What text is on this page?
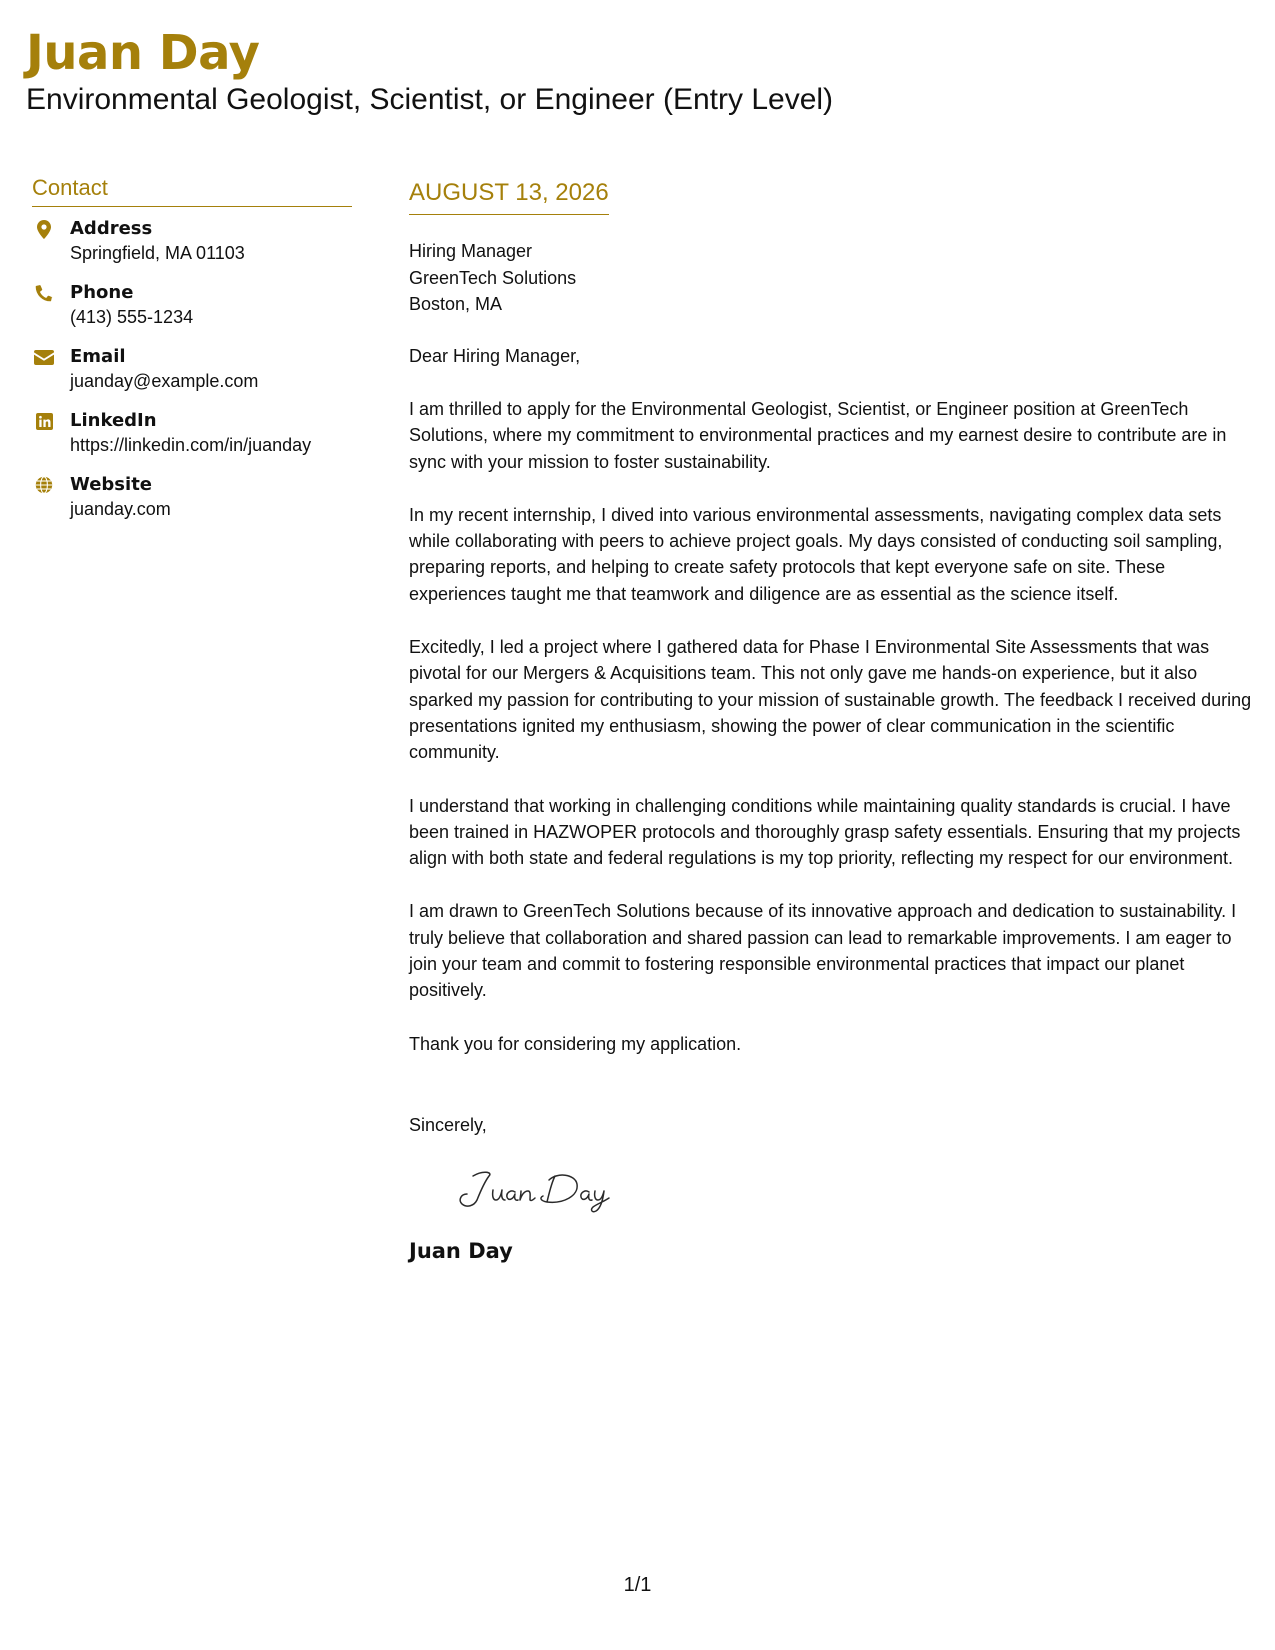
Juan Day
Environmental Geologist, Scientist, or Engineer (Entry Level)
Contact
Address
Springfield, MA 01103
Phone
(413) 555-1234
Email
juanday@example.com
LinkedIn
https://linkedin.com/in/juanday
Website
juanday.com
AUGUST 13, 2026
Hiring Manager
GreenTech Solutions
Boston, MA
Dear Hiring Manager,

I am thrilled to apply for the Environmental Geologist, Scientist, or Engineer position at GreenTech Solutions, where my commitment to environmental practices and my earnest desire to contribute are in sync with your mission to foster sustainability.

In my recent internship, I dived into various environmental assessments, navigating complex data sets while collaborating with peers to achieve project goals. My days consisted of conducting soil sampling, preparing reports, and helping to create safety protocols that kept everyone safe on site. These experiences taught me that teamwork and diligence are as essential as the science itself.

Excitedly, I led a project where I gathered data for Phase I Environmental Site Assessments that was pivotal for our Mergers & Acquisitions team. This not only gave me hands-on experience, but it also sparked my passion for contributing to your mission of sustainable growth. The feedback I received during presentations ignited my enthusiasm, showing the power of clear communication in the scientific community.

I understand that working in challenging conditions while maintaining quality standards is crucial. I have been trained in HAZWOPER protocols and thoroughly grasp safety essentials. Ensuring that my projects align with both state and federal regulations is my top priority, reflecting my respect for our environment.

I am drawn to GreenTech Solutions because of its innovative approach and dedication to sustainability. I truly believe that collaboration and shared passion can lead to remarkable improvements. I am eager to join your team and commit to fostering responsible environmental practices that impact our planet positively.

Thank you for considering my application.

Sincerely,
Juan Day
1/1
